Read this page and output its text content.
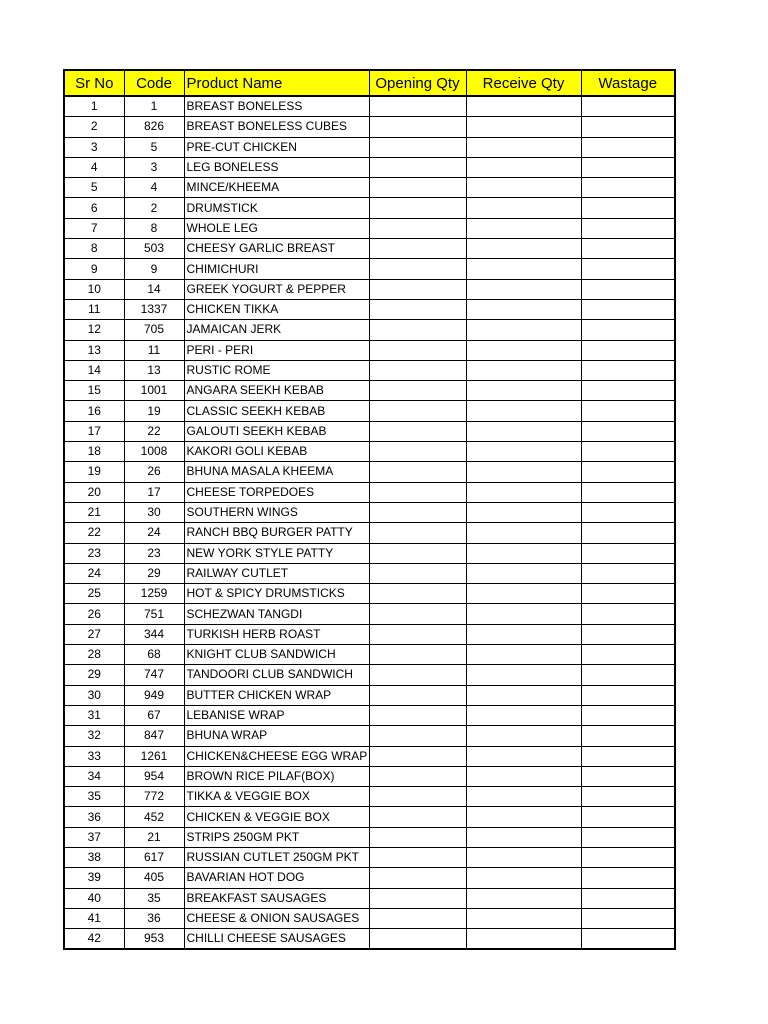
Sr No	Code	Product Name	Opening Qty	Receive Qty	Wastage
1	1	BREAST BONELESS			
2	826	BREAST BONELESS CUBES			
3	5	PRE-CUT CHICKEN			
4	3	LEG BONELESS			
5	4	MINCE/KHEEMA			
6	2	DRUMSTICK			
7	8	WHOLE LEG			
8	503	CHEESY GARLIC BREAST			
9	9	CHIMICHURI			
10	14	GREEK YOGURT & PEPPER			
11	1337	CHICKEN TIKKA			
12	705	JAMAICAN JERK			
13	11	PERI - PERI			
14	13	RUSTIC ROME			
15	1001	ANGARA SEEKH KEBAB			
16	19	CLASSIC SEEKH KEBAB			
17	22	GALOUTI SEEKH KEBAB			
18	1008	KAKORI GOLI KEBAB			
19	26	BHUNA MASALA KHEEMA			
20	17	CHEESE TORPEDOES			
21	30	SOUTHERN WINGS			
22	24	RANCH BBQ BURGER PATTY			
23	23	NEW YORK STYLE PATTY			
24	29	RAILWAY CUTLET			
25	1259	HOT & SPICY DRUMSTICKS			
26	751	SCHEZWAN TANGDI			
27	344	TURKISH HERB ROAST			
28	68	KNIGHT CLUB SANDWICH			
29	747	TANDOORI CLUB SANDWICH			
30	949	BUTTER CHICKEN WRAP			
31	67	LEBANISE WRAP			
32	847	BHUNA WRAP			
33	1261	CHICKEN&CHEESE EGG WRAP			
34	954	BROWN RICE PILAF(BOX)			
35	772	TIKKA & VEGGIE BOX			
36	452	CHICKEN & VEGGIE BOX			
37	21	STRIPS 250GM PKT			
38	617	RUSSIAN CUTLET 250GM PKT			
39	405	BAVARIAN HOT DOG			
40	35	BREAKFAST SAUSAGES			
41	36	CHEESE & ONION SAUSAGES			
42	953	CHILLI CHEESE SAUSAGES			
